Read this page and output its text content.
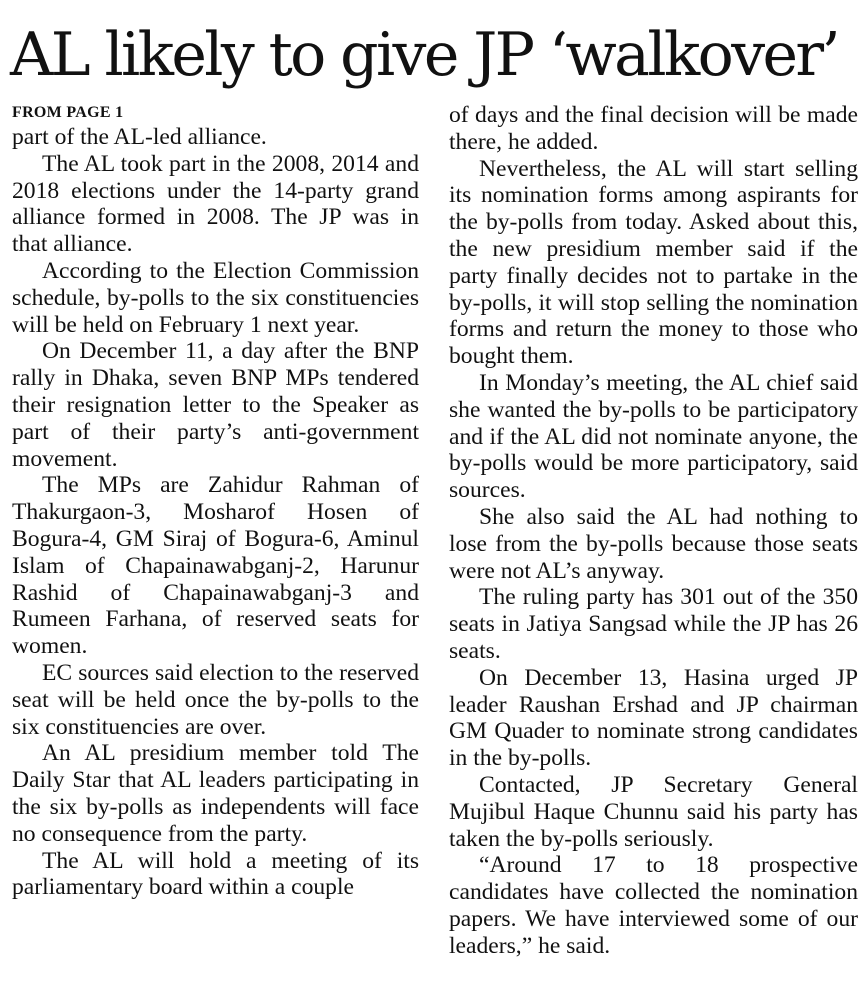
AL likely to give JP ‘walkover’
FROM PAGE 1

part of the AL-led alliance.

The AL took part in the 2008, 2014 and 2018 elections under the 14-party grand alliance formed in 2008. The JP was in that alliance.

According to the Election Commission schedule, by-polls to the six constituencies will be held on February 1 next year.

On December 11, a day after the BNP rally in Dhaka, seven BNP MPs tendered their resignation letter to the Speaker as part of their party’s anti-government movement.

The MPs are Zahidur Rahman of Thakurgaon-3, Mosharof Hosen of Bogura-4, GM Siraj of Bogura-6, Aminul Islam of Chapainawabganj-2, Harunur Rashid of Chapainawabganj-3 and Rumeen Farhana, of reserved seats for women.

EC sources said election to the reserved seat will be held once the by-polls to the six constituencies are over.

An AL presidium member told The Daily Star that AL leaders participating in the six by-polls as independents will face no consequence from the party.

The AL will hold a meeting of its parliamentary board within a couple

of days and the final decision will be made there, he added.

Nevertheless, the AL will start selling its nomination forms among aspirants for the by-polls from today. Asked about this, the new presidium member said if the party finally decides not to partake in the by-polls, it will stop selling the nomination forms and return the money to those who bought them.

In Monday’s meeting, the AL chief said she wanted the by-polls to be participatory and if the AL did not nominate anyone, the by-polls would be more participatory, said sources.

She also said the AL had nothing to lose from the by-polls because those seats were not AL’s anyway.

The ruling party has 301 out of the 350 seats in Jatiya Sangsad while the JP has 26 seats.

On December 13, Hasina urged JP leader Raushan Ershad and JP chairman GM Quader to nominate strong candidates in the by-polls.

Contacted, JP Secretary General Mujibul Haque Chunnu said his party has taken the by-polls seriously.

“Around 17 to 18 prospective candidates have collected the nomination papers. We have interviewed some of our leaders,” he said.
